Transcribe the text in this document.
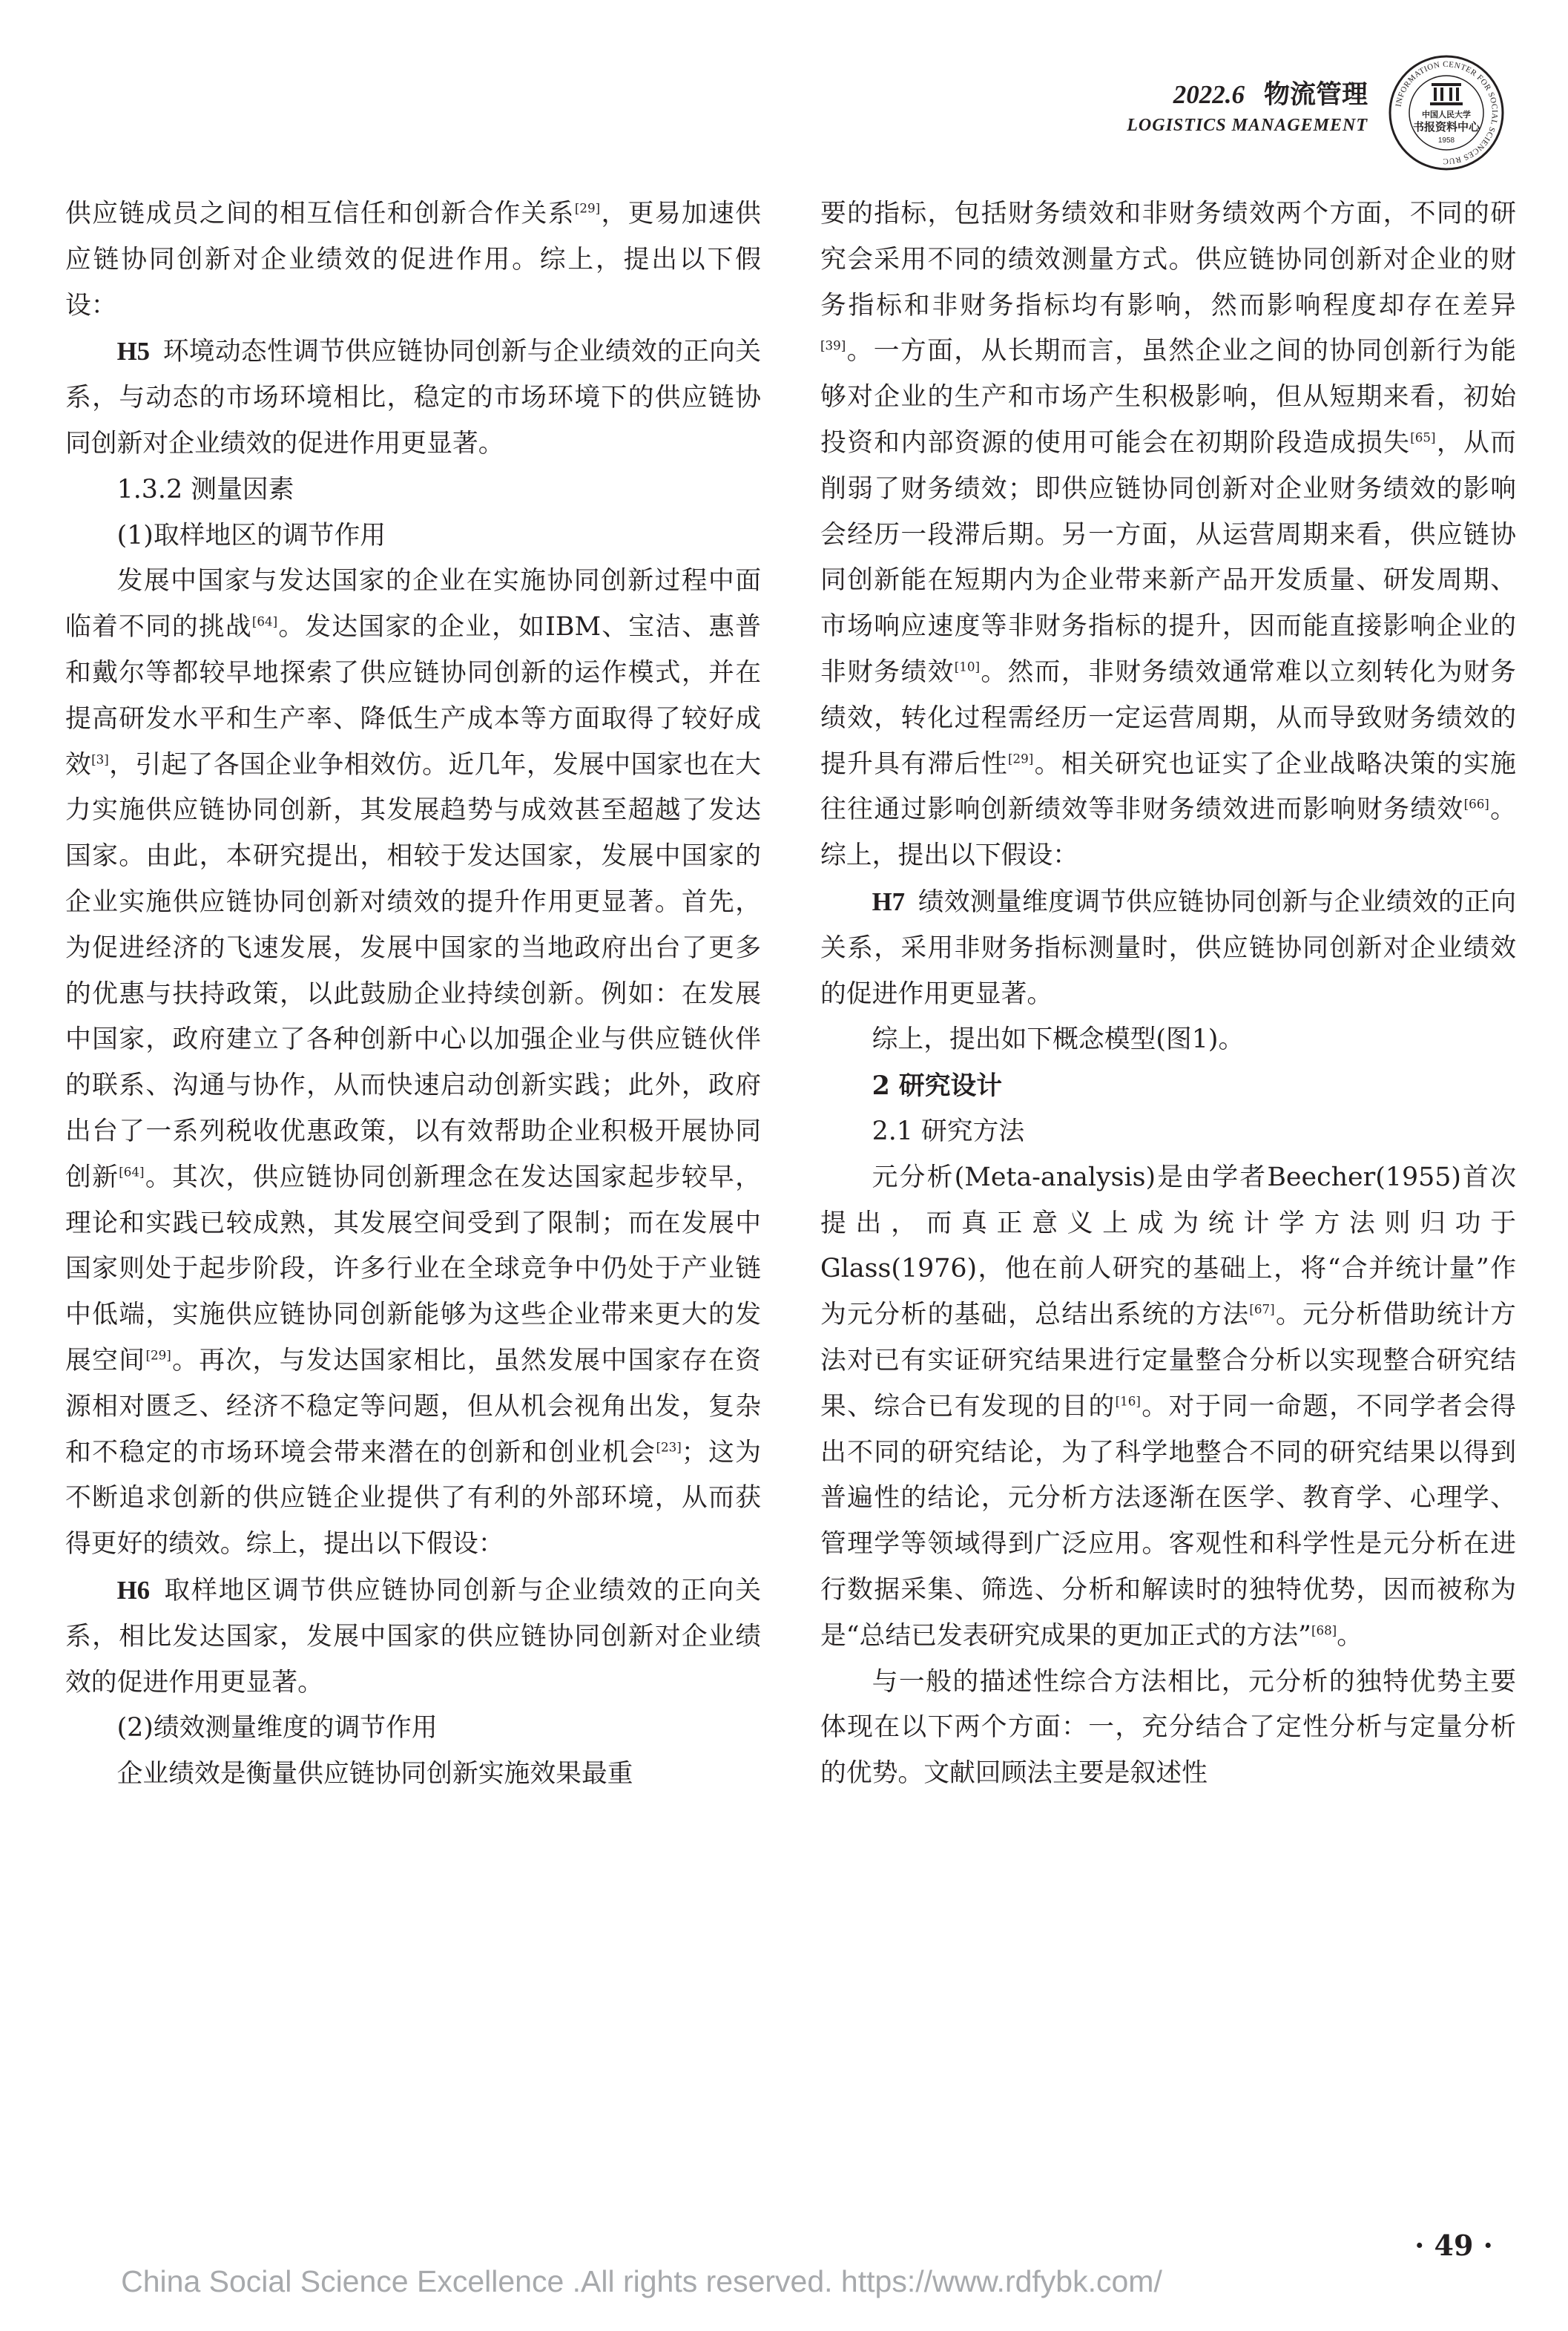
2022.6 物流管理
LOGISTICS MANAGEMENT
INFORMATION CENTER FOR SOCIAL SCIENCES RUC
中国人民大学
书报资料中心
1958

供应链成员之间的相互信任和创新合作关系[29]，更易加速供应链协同创新对企业绩效的促进作用。综上，提出以下假设：

H5  环境动态性调节供应链协同创新与企业绩效的正向关系，与动态的市场环境相比，稳定的市场环境下的供应链协同创新对企业绩效的促进作用更显著。

1.3.2 测量因素

(1)取样地区的调节作用

发展中国家与发达国家的企业在实施协同创新过程中面临着不同的挑战[64]。发达国家的企业，如IBM、宝洁、惠普和戴尔等都较早地探索了供应链协同创新的运作模式，并在提高研发水平和生产率、降低生产成本等方面取得了较好成效[3]，引起了各国企业争相效仿。近几年，发展中国家也在大力实施供应链协同创新，其发展趋势与成效甚至超越了发达国家。由此，本研究提出，相较于发达国家，发展中国家的企业实施供应链协同创新对绩效的提升作用更显著。首先，为促进经济的飞速发展，发展中国家的当地政府出台了更多的优惠与扶持政策，以此鼓励企业持续创新。例如：在发展中国家，政府建立了各种创新中心以加强企业与供应链伙伴的联系、沟通与协作，从而快速启动创新实践；此外，政府出台了一系列税收优惠政策，以有效帮助企业积极开展协同创新[64]。其次，供应链协同创新理念在发达国家起步较早，理论和实践已较成熟，其发展空间受到了限制；而在发展中国家则处于起步阶段，许多行业在全球竞争中仍处于产业链中低端，实施供应链协同创新能够为这些企业带来更大的发展空间[29]。再次，与发达国家相比，虽然发展中国家存在资源相对匮乏、经济不稳定等问题，但从机会视角出发，复杂和不稳定的市场环境会带来潜在的创新和创业机会[23]；这为不断追求创新的供应链企业提供了有利的外部环境，从而获得更好的绩效。综上，提出以下假设：

H6  取样地区调节供应链协同创新与企业绩效的正向关系，相比发达国家，发展中国家的供应链协同创新对企业绩效的促进作用更显著。

(2)绩效测量维度的调节作用

企业绩效是衡量供应链协同创新实施效果最重

要的指标，包括财务绩效和非财务绩效两个方面，不同的研究会采用不同的绩效测量方式。供应链协同创新对企业的财务指标和非财务指标均有影响，然而影响程度却存在差异[39]。一方面，从长期而言，虽然企业之间的协同创新行为能够对企业的生产和市场产生积极影响，但从短期来看，初始投资和内部资源的使用可能会在初期阶段造成损失[65]，从而削弱了财务绩效；即供应链协同创新对企业财务绩效的影响会经历一段滞后期。另一方面，从运营周期来看，供应链协同创新能在短期内为企业带来新产品开发质量、研发周期、市场响应速度等非财务指标的提升，因而能直接影响企业的非财务绩效[10]。然而，非财务绩效通常难以立刻转化为财务绩效，转化过程需经历一定运营周期，从而导致财务绩效的提升具有滞后性[29]。相关研究也证实了企业战略决策的实施往往通过影响创新绩效等非财务绩效进而影响财务绩效[66]。综上，提出以下假设：

H7  绩效测量维度调节供应链协同创新与企业绩效的正向关系，采用非财务指标测量时，供应链协同创新对企业绩效的促进作用更显著。

综上，提出如下概念模型(图1)。

2 研究设计

2.1 研究方法

元分析(Meta-analysis)是由学者Beecher(1955)首次提出，而真正意义上成为统计学方法则归功于Glass(1976)，他在前人研究的基础上，将“合并统计量”作为元分析的基础，总结出系统的方法[67]。元分析借助统计方法对已有实证研究结果进行定量整合分析以实现整合研究结果、综合已有发现的目的[16]。对于同一命题，不同学者会得出不同的研究结论，为了科学地整合不同的研究结果以得到普遍性的结论，元分析方法逐渐在医学、教育学、心理学、管理学等领域得到广泛应用。客观性和科学性是元分析在进行数据采集、筛选、分析和解读时的独特优势，因而被称为是“总结已发表研究成果的更加正式的方法”[68]。

与一般的描述性综合方法相比，元分析的独特优势主要体现在以下两个方面：一，充分结合了定性分析与定量分析的优势。文献回顾法主要是叙述性

· 49 ·
China Social Science Excellence .All rights reserved. https://www.rdfybk.com/
